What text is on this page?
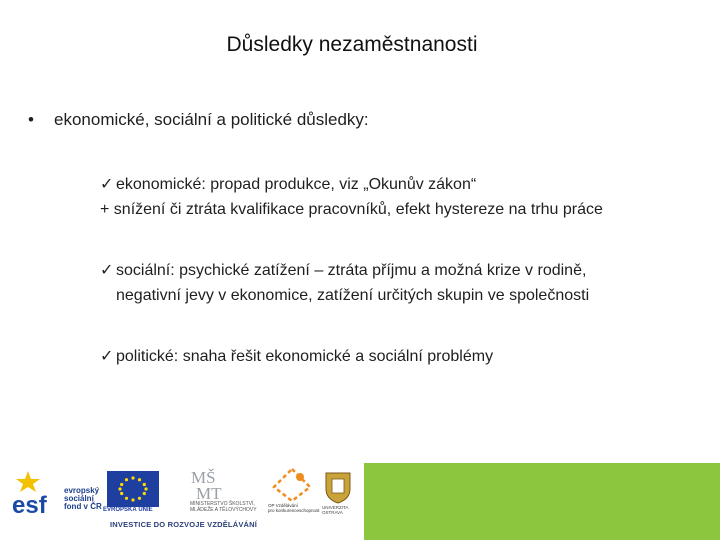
Důsledky nezaměstnanosti
• ekonomické, sociální a politické důsledky:
✓ ekonomické: propad produkce, viz „Okunův zákon“
+ snížení či ztráta kvalifikace pracovníků, efekt hystereze na trhu práce
✓ sociální: psychické zatížení – ztráta příjmu a možná krize v rodině,
negativní jevy v ekonomice, zatížení určitých skupin ve společnosti
✓ politické: snaha řešit ekonomické a sociální problémy
esf
evropský
sociální
fond v ČR EVROPSKÁ UNIE
MŠ
MT
MINISTERSTVO ŠKOLSTVÍ,
MLÁDEŽE A TĚLOVÝCHOVY
OP Vzdělávání
pro konkurenceschopnost
UNIVERZITA OSTRAVA
INVESTICE DO ROZVOJE VZDĚLÁVÁNÍ
